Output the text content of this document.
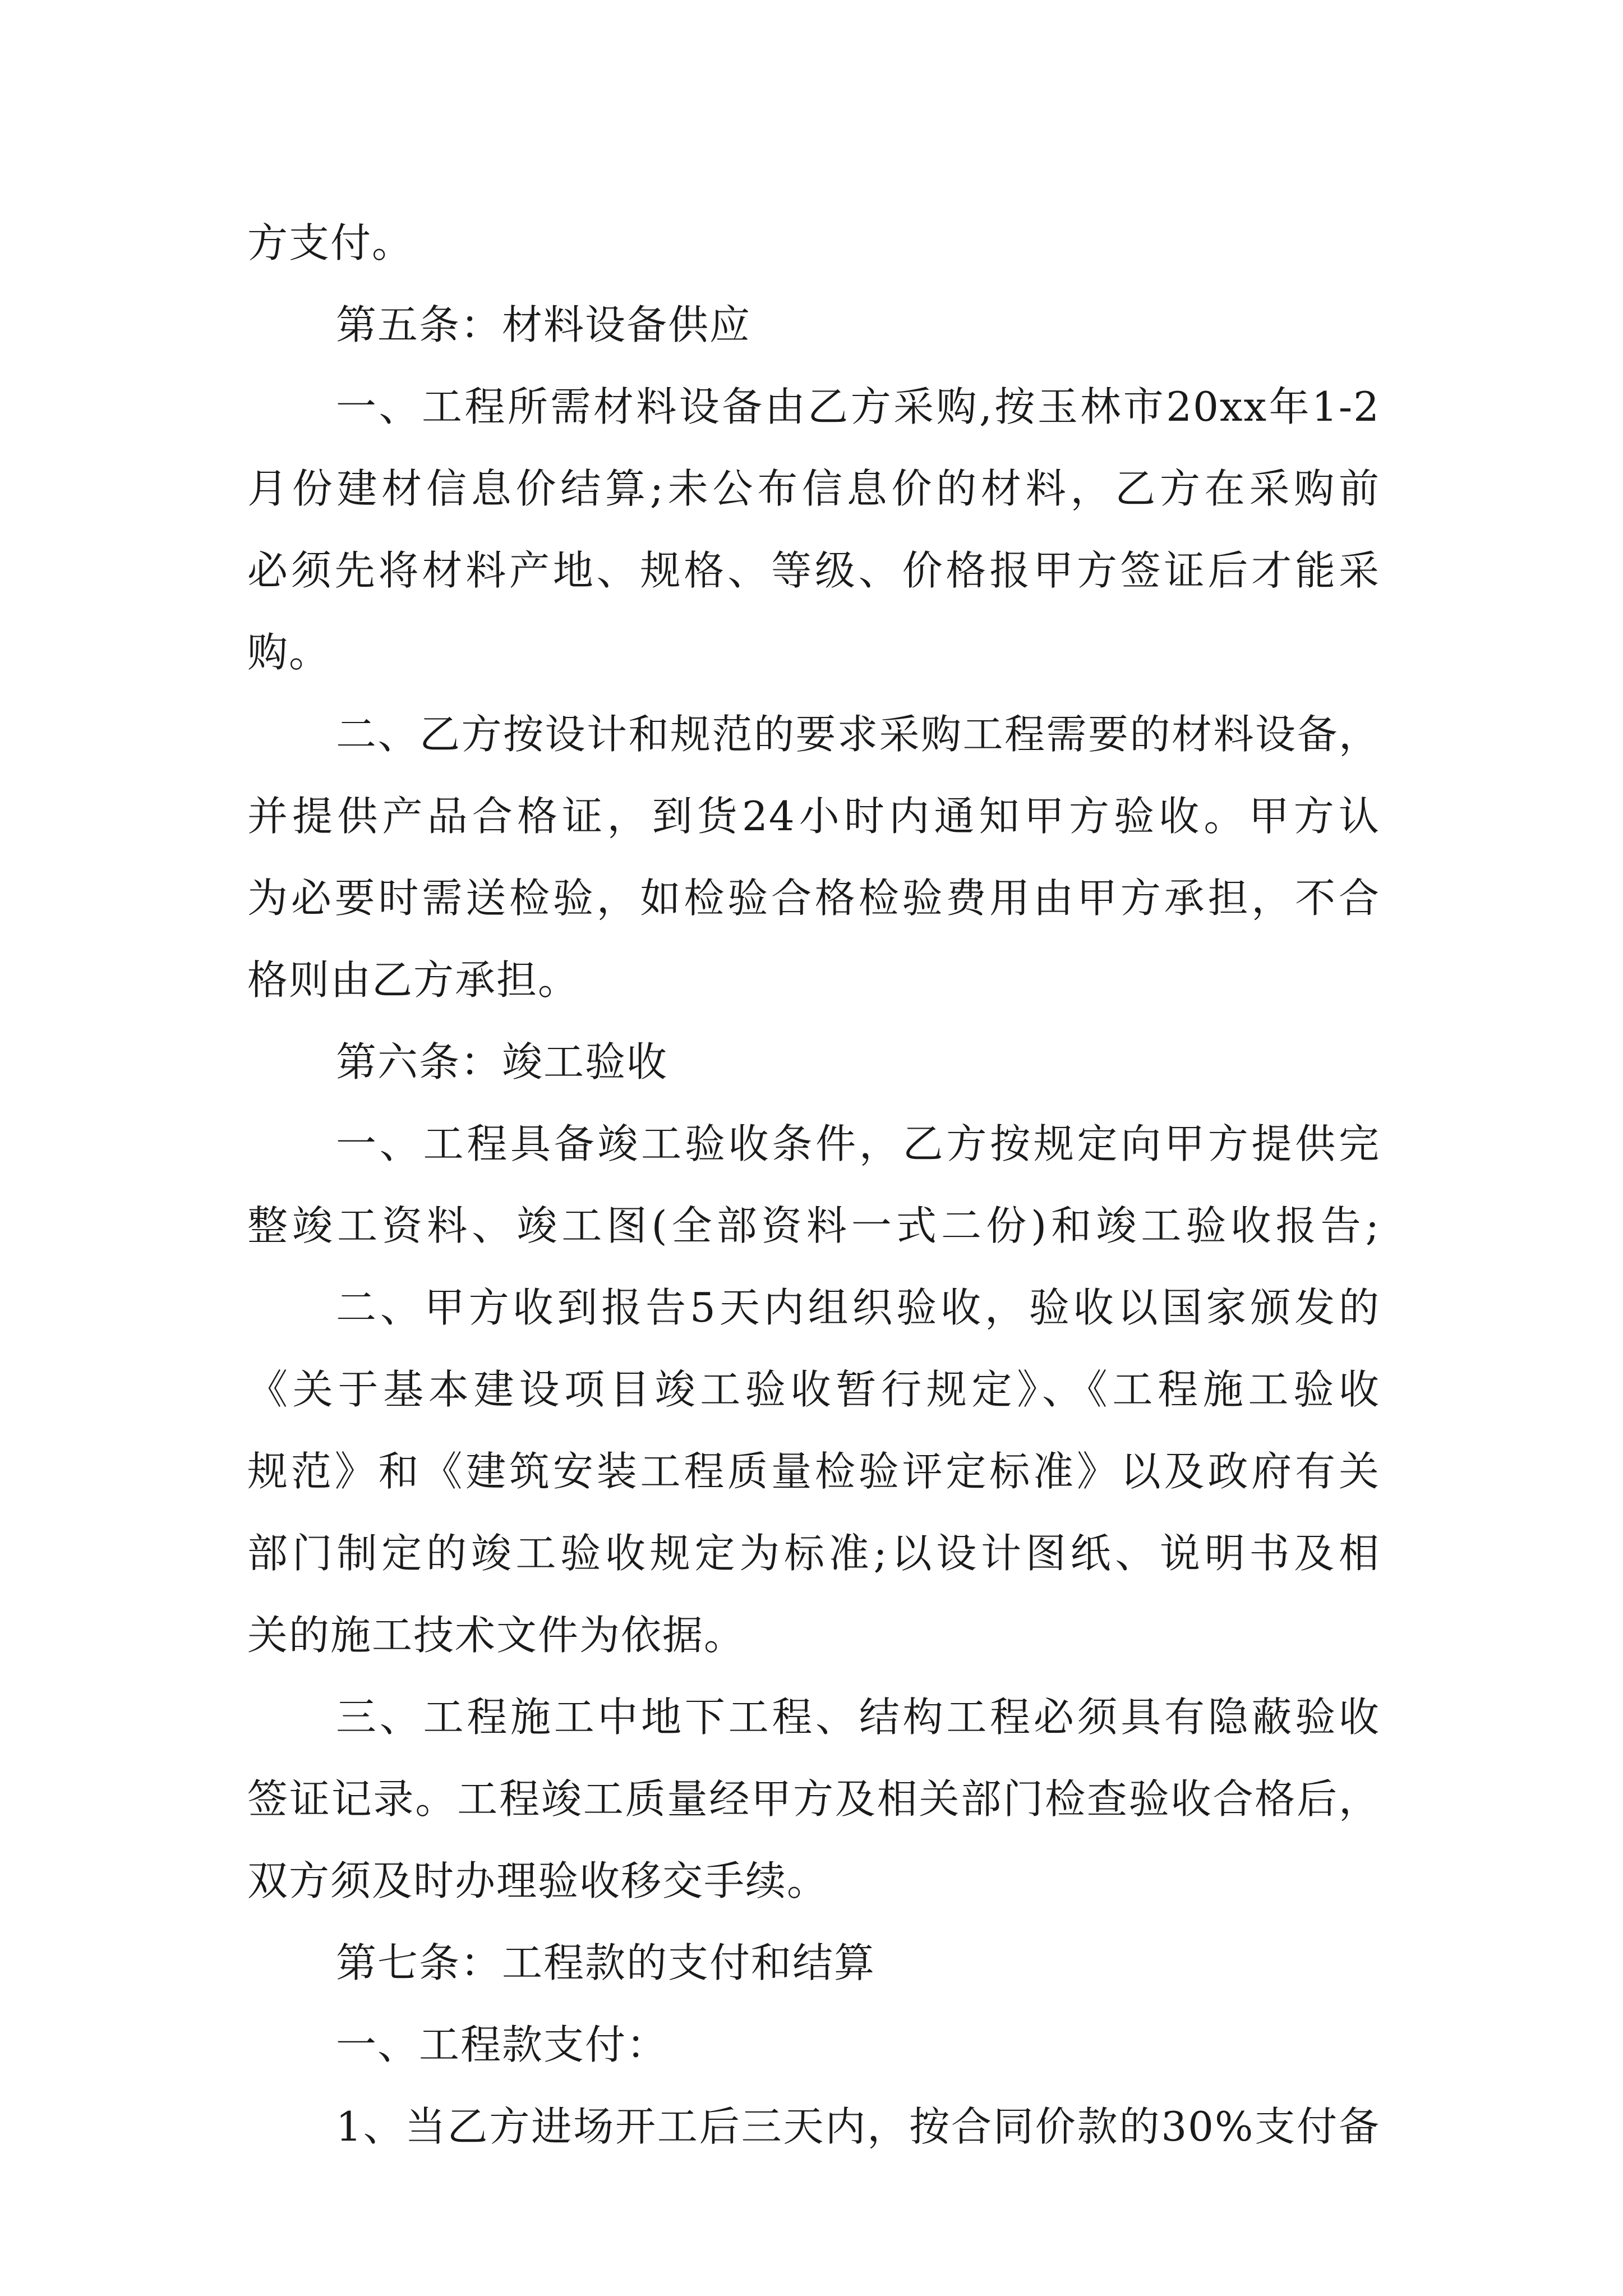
方支付。
第五条：材料设备供应
一、工程所需材料设备由乙方采购,按玉林市20xx年1-2
月份建材信息价结算;未公布信息价的材料，乙方在采购前
必须先将材料产地、规格、等级、价格报甲方签证后才能采
购。
二、乙方按设计和规范的要求采购工程需要的材料设备，
并提供产品合格证，到货24小时内通知甲方验收。甲方认
为必要时需送检验，如检验合格检验费用由甲方承担，不合
格则由乙方承担。
第六条：竣工验收
一、工程具备竣工验收条件，乙方按规定向甲方提供完
整竣工资料、竣工图(全部资料一式二份)和竣工验收报告;
二、甲方收到报告5天内组织验收，验收以国家颁发的
《关于基本建设项目竣工验收暂行规定》、《工程施工验收
规范》和《建筑安装工程质量检验评定标准》以及政府有关
部门制定的竣工验收规定为标准;以设计图纸、说明书及相
关的施工技术文件为依据。
三、工程施工中地下工程、结构工程必须具有隐蔽验收
签证记录。工程竣工质量经甲方及相关部门检查验收合格后，
双方须及时办理验收移交手续。
第七条：工程款的支付和结算
一、工程款支付：
1、当乙方进场开工后三天内，按合同价款的30%支付备
